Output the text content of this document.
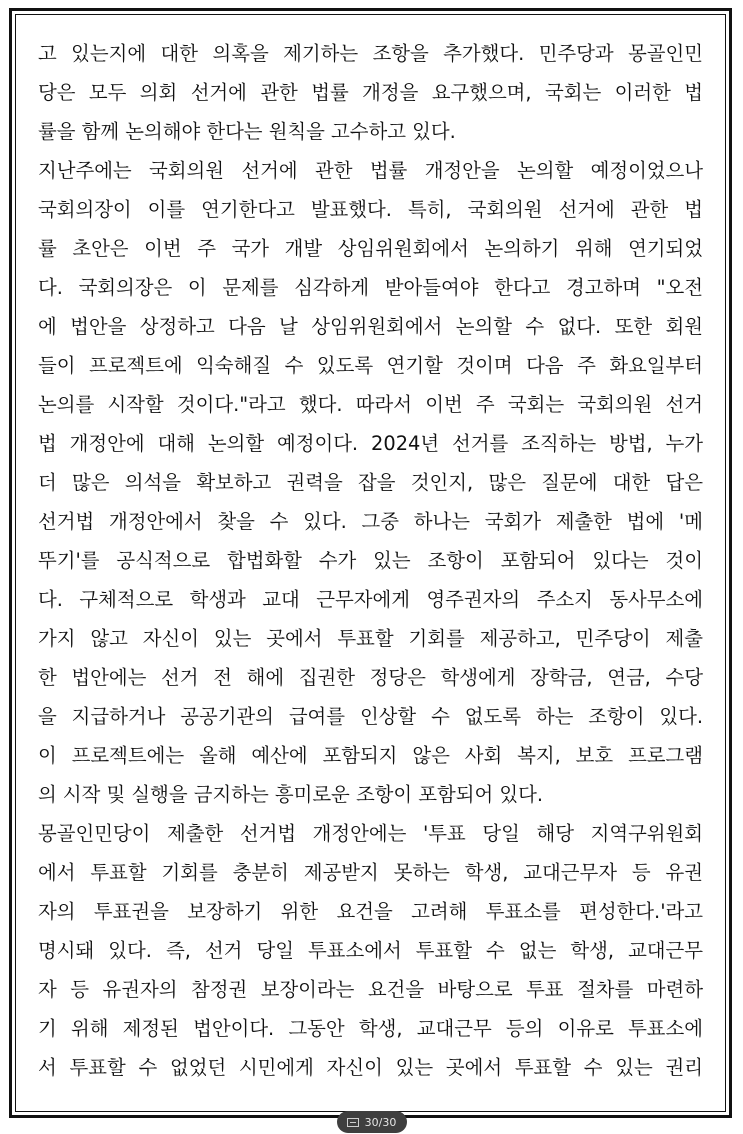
고 있는지에 대한 의혹을 제기하는 조항을 추가했다. 민주당과 몽골인민
당은 모두 의회 선거에 관한 법률 개정을 요구했으며, 국회는 이러한 법
률을 함께 논의해야 한다는 원칙을 고수하고 있다.
지난주에는 국회의원 선거에 관한 법률 개정안을 논의할 예정이었으나
국회의장이 이를 연기한다고 발표했다. 특히, 국회의원 선거에 관한 법
률 초안은 이번 주 국가 개발 상임위원회에서 논의하기 위해 연기되었
다. 국회의장은 이 문제를 심각하게 받아들여야 한다고 경고하며 "오전
에 법안을 상정하고 다음 날 상임위원회에서 논의할 수 없다. 또한 회원
들이 프로젝트에 익숙해질 수 있도록 연기할 것이며 다음 주 화요일부터
논의를 시작할 것이다."라고 했다. 따라서 이번 주 국회는 국회의원 선거
법 개정안에 대해 논의할 예정이다. 2024년 선거를 조직하는 방법, 누가
더 많은 의석을 확보하고 권력을 잡을 것인지, 많은 질문에 대한 답은
선거법 개정안에서 찾을 수 있다. 그중 하나는 국회가 제출한 법에 '메
뚜기'를 공식적으로 합법화할 수가 있는 조항이 포함되어 있다는 것이
다. 구체적으로 학생과 교대 근무자에게 영주권자의 주소지 동사무소에
가지 않고 자신이 있는 곳에서 투표할 기회를 제공하고, 민주당이 제출
한 법안에는 선거 전 해에 집권한 정당은 학생에게 장학금, 연금, 수당
을 지급하거나 공공기관의 급여를 인상할 수 없도록 하는 조항이 있다.
이 프로젝트에는 올해 예산에 포함되지 않은 사회 복지, 보호 프로그램
의 시작 및 실행을 금지하는 흥미로운 조항이 포함되어 있다.
몽골인민당이 제출한 선거법 개정안에는 '투표 당일 해당 지역구위원회
에서 투표할 기회를 충분히 제공받지 못하는 학생, 교대근무자 등 유권
자의 투표권을 보장하기 위한 요건을 고려해 투표소를 편성한다.'라고
명시돼 있다. 즉, 선거 당일 투표소에서 투표할 수 없는 학생, 교대근무
자 등 유권자의 참정권 보장이라는 요건을 바탕으로 투표 절차를 마련하
기 위해 제정된 법안이다. 그동안 학생, 교대근무 등의 이유로 투표소에
서 투표할 수 없었던 시민에게 자신이 있는 곳에서 투표할 수 있는 권리
30/30
